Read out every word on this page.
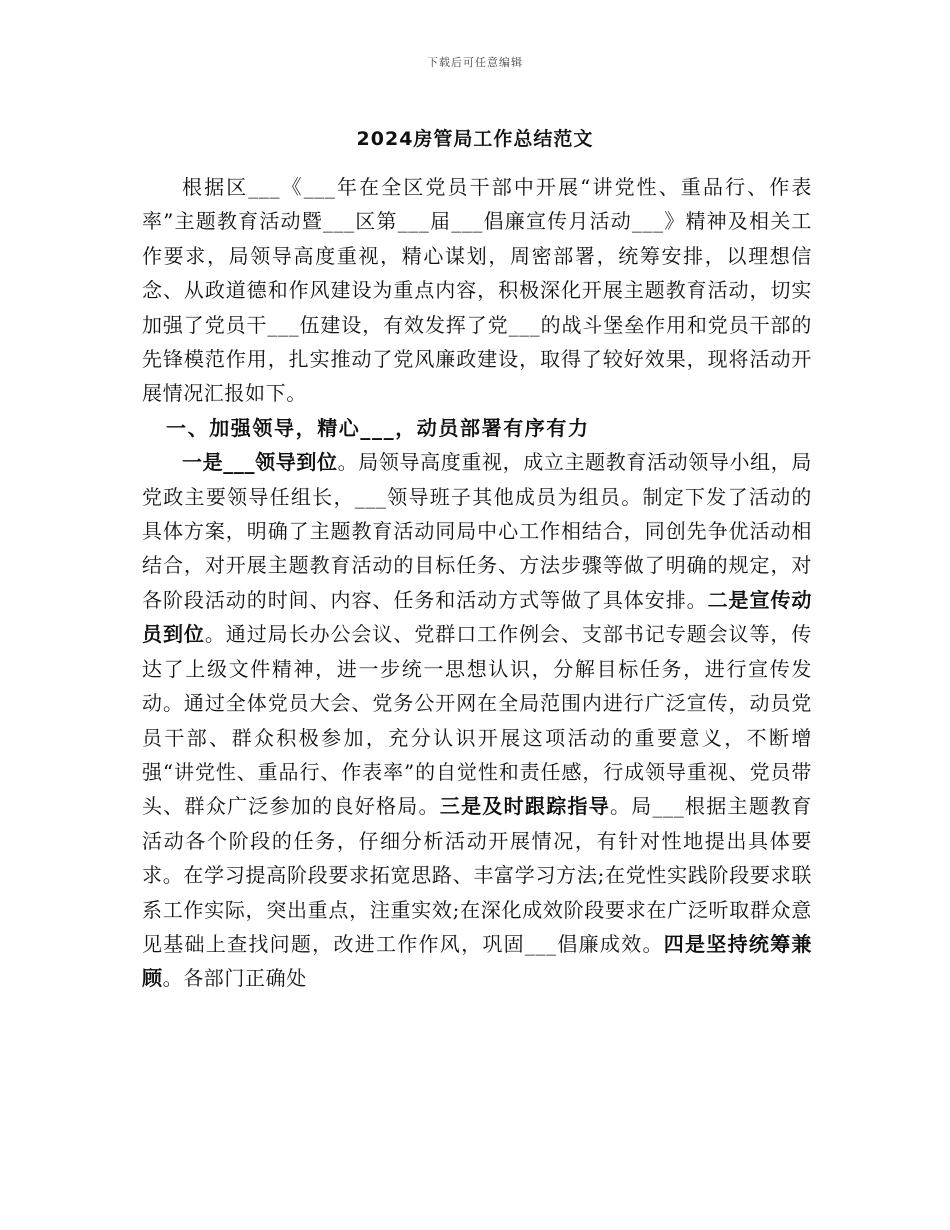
下载后可任意编辑
2024房管局工作总结范文

根据区___《___年在全区党员干部中开展“讲党性、重品行、作表率”主题教育活动暨___区第___届___倡廉宣传月活动___》精神及相关工作要求，局领导高度重视，精心谋划，周密部署，统筹安排，以理想信念、从政道德和作风建设为重点内容，积极深化开展主题教育活动，切实加强了党员干___伍建设，有效发挥了党___的战斗堡垒作用和党员干部的先锋模范作用，扎实推动了党风廉政建设，取得了较好效果，现将活动开展情况汇报如下。

一、加强领导，精心___，动员部署有序有力

一是___领导到位。局领导高度重视，成立主题教育活动领导小组，局党政主要领导任组长，___领导班子其他成员为组员。制定下发了活动的具体方案，明确了主题教育活动同局中心工作相结合，同创先争优活动相结合，对开展主题教育活动的目标任务、方法步骤等做了明确的规定，对各阶段活动的时间、内容、任务和活动方式等做了具体安排。二是宣传动员到位。通过局长办公会议、党群口工作例会、支部书记专题会议等，传达了上级文件精神，进一步统一思想认识，分解目标任务，进行宣传发动。通过全体党员大会、党务公开网在全局范围内进行广泛宣传，动员党员干部、群众积极参加，充分认识开展这项活动的重要意义，不断增强“讲党性、重品行、作表率”的自觉性和责任感，行成领导重视、党员带头、群众广泛参加的良好格局。三是及时跟踪指导。局___根据主题教育活动各个阶段的任务，仔细分析活动开展情况，有针对性地提出具体要求。在学习提高阶段要求拓宽思路、丰富学习方法;在党性实践阶段要求联系工作实际，突出重点，注重实效;在深化成效阶段要求在广泛听取群众意见基础上查找问题，改进工作作风，巩固___倡廉成效。四是坚持统筹兼顾。各部门正确处
